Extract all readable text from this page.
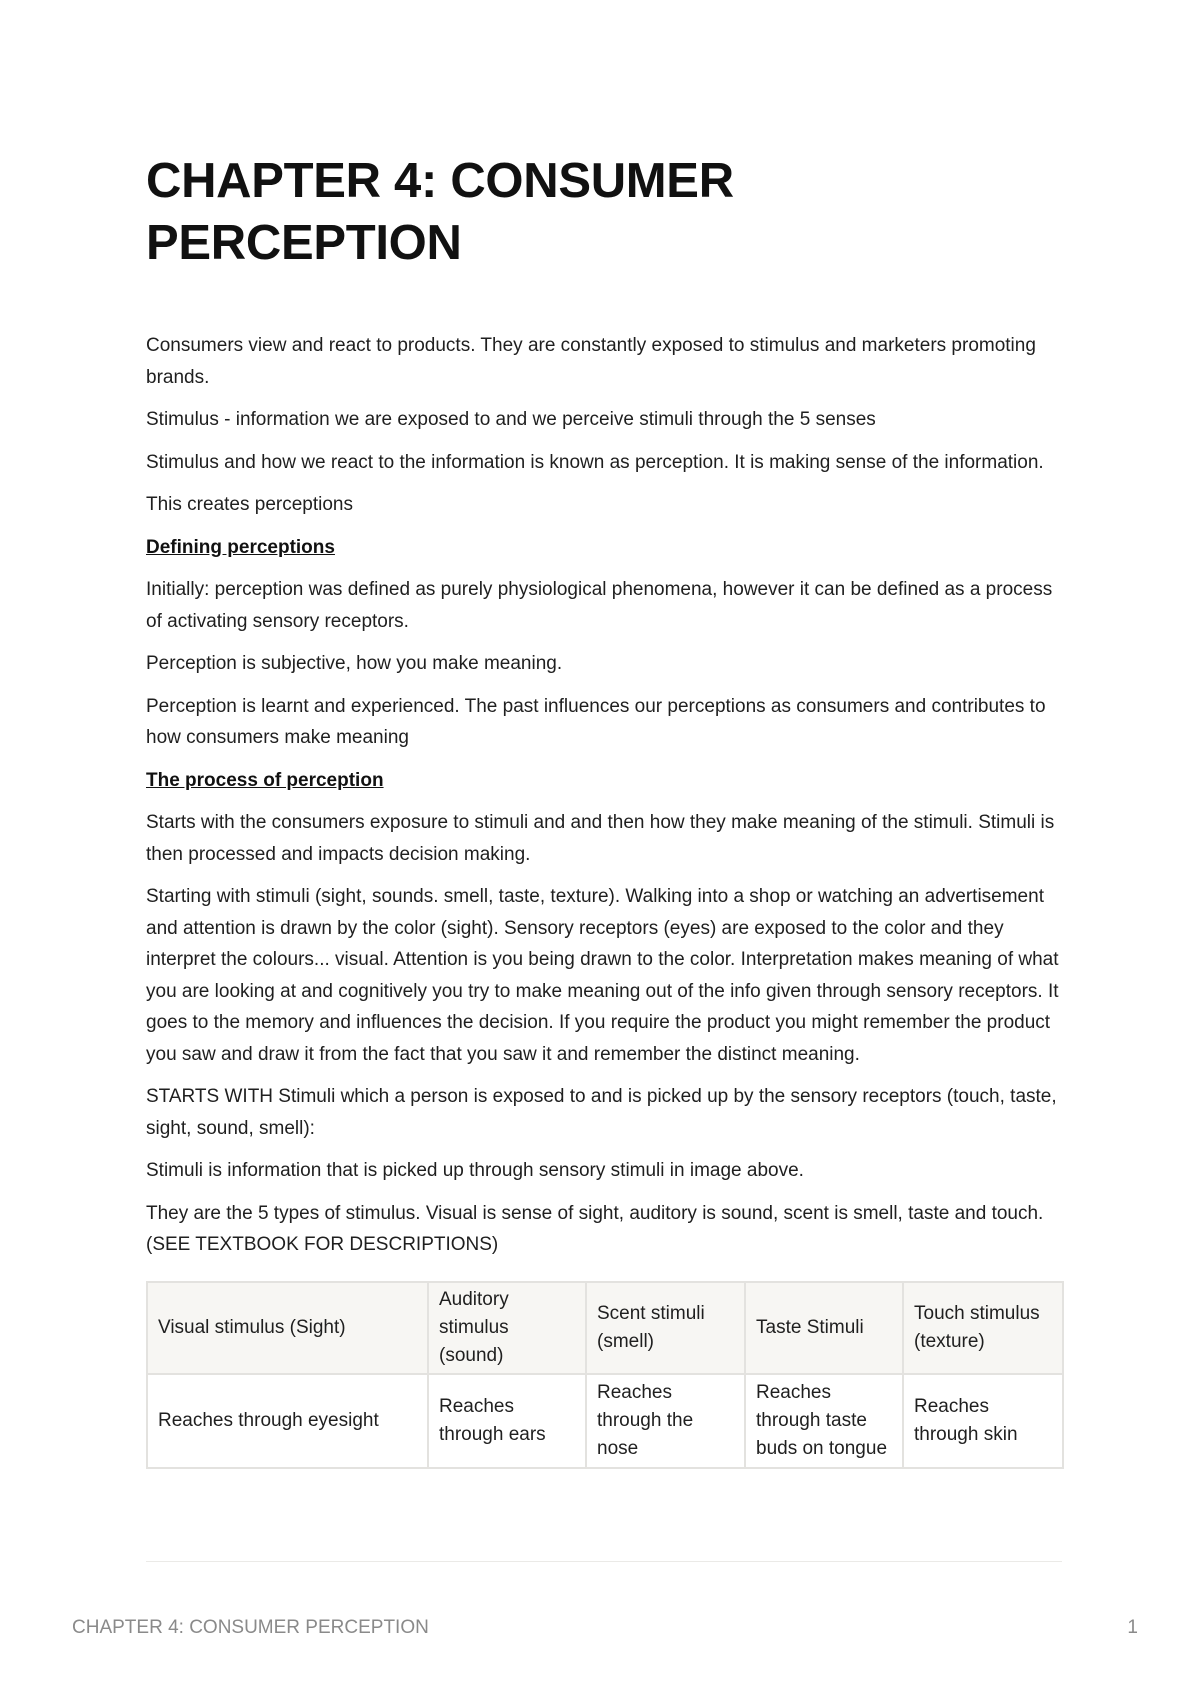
CHAPTER 4: CONSUMER PERCEPTION

Consumers view and react to products. They are constantly exposed to stimulus and marketers promoting brands.

Stimulus - information we are exposed to and we perceive stimuli through the 5 senses

Stimulus and how we react to the information is known as perception. It is making sense of the information.

This creates perceptions

Defining perceptions

Initially: perception was defined as purely physiological phenomena, however it can be defined as a process of activating sensory receptors.

Perception is subjective, how you make meaning.

Perception is learnt and experienced. The past influences our perceptions as consumers and contributes to how consumers make meaning

The process of perception

Starts with the consumers exposure to stimuli and and then how they make meaning of the stimuli. Stimuli is then processed and impacts decision making.

Starting with stimuli (sight, sounds. smell, taste, texture). Walking into a shop or watching an advertisement and attention is drawn by the color (sight). Sensory receptors (eyes) are exposed to the color and they interpret the colours... visual. Attention is you being drawn to the color. Interpretation makes meaning of what you are looking at and cognitively you try to make meaning out of the info given through sensory receptors. It goes to the memory and influences the decision. If you require the product you might remember the product you saw and draw it from the fact that you saw it and remember the distinct meaning.

STARTS WITH Stimuli which a person is exposed to and is picked up by the sensory receptors (touch, taste, sight, sound, smell):

Stimuli is information that is picked up through sensory stimuli in image above.

They are the 5 types of stimulus. Visual is sense of sight, auditory is sound, scent is smell, taste and touch. (SEE TEXTBOOK FOR DESCRIPTIONS)

Visual stimulus (Sight)	Auditory stimulus (sound)	Scent stimuli (smell)	Taste Stimuli	Touch stimulus (texture)
Reaches through eyesight	Reaches through ears	Reaches through the nose	Reaches through taste buds on tongue	Reaches through skin
CHAPTER 4: CONSUMER PERCEPTION	1
